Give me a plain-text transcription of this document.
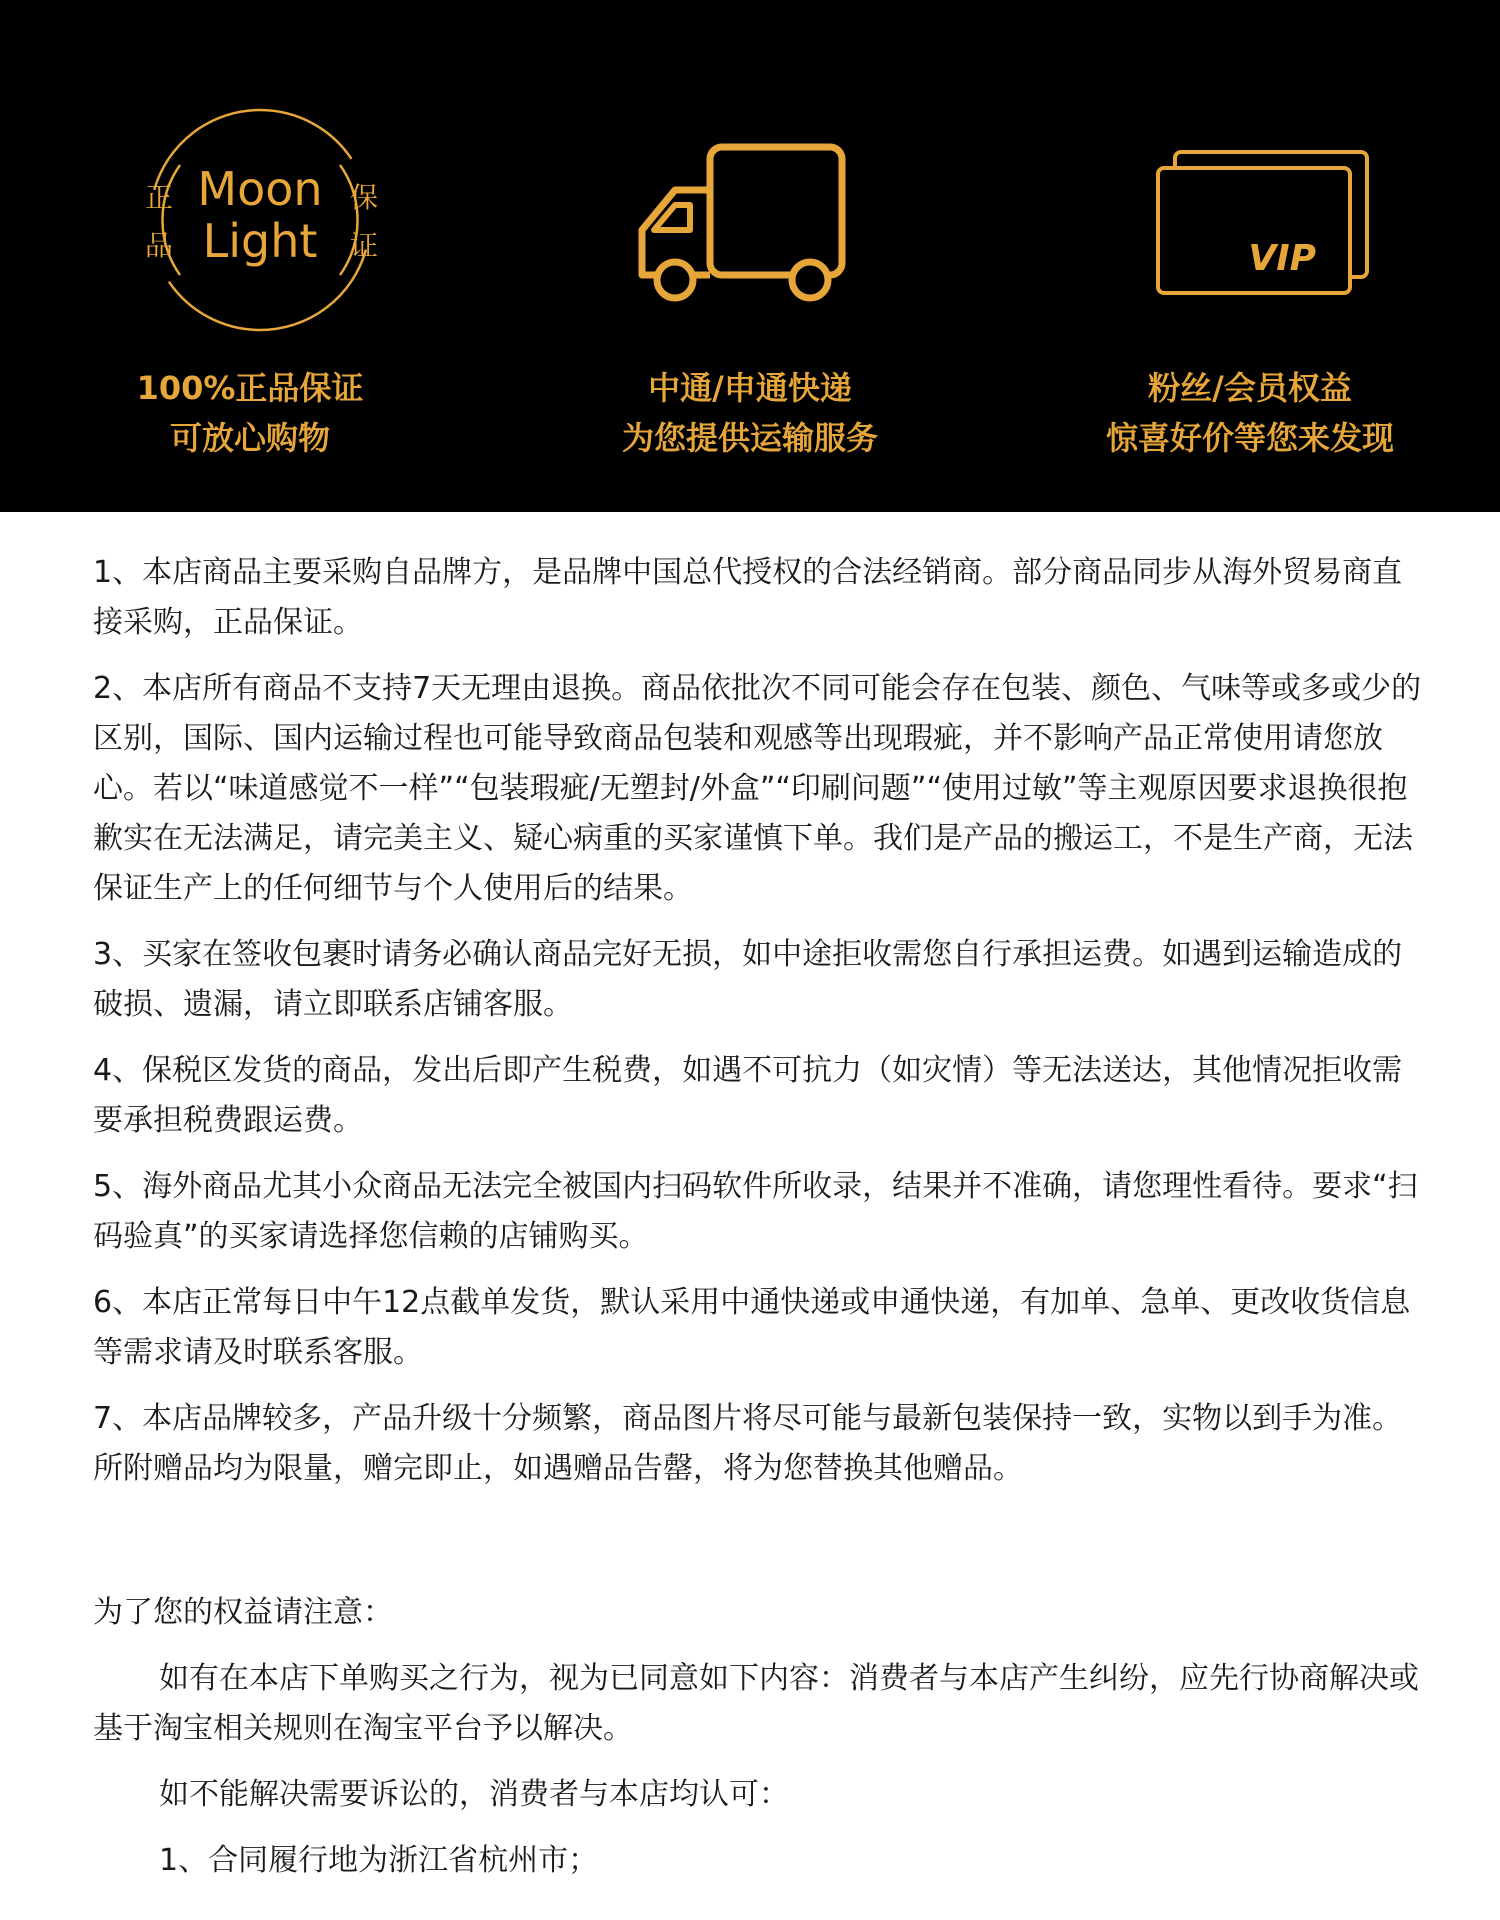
Moon
Light
正
品
保
证
100%正品保证
可放心购物
中通/申通快递
为您提供运输服务
VIP
粉丝/会员权益
惊喜好价等您来发现

1、本店商品主要采购自品牌方，是品牌中国总代授权的合法经销商。部分商品同步从海外贸易商直接采购，正品保证。

2、本店所有商品不支持7天无理由退换。商品依批次不同可能会存在包装、颜色、气味等或多或少的区别，国际、国内运输过程也可能导致商品包装和观感等出现瑕疵，并不影响产品正常使用请您放心。若以“味道感觉不一样”“包装瑕疵/无塑封/外盒”“印刷问题”“使用过敏”等主观原因要求退换很抱歉实在无法满足，请完美主义、疑心病重的买家谨慎下单。我们是产品的搬运工，不是生产商，无法保证生产上的任何细节与个人使用后的结果。

3、买家在签收包裹时请务必确认商品完好无损，如中途拒收需您自行承担运费。如遇到运输造成的破损、遗漏，请立即联系店铺客服。

4、保税区发货的商品，发出后即产生税费，如遇不可抗力（如灾情）等无法送达，其他情况拒收需要承担税费跟运费。

5、海外商品尤其小众商品无法完全被国内扫码软件所收录，结果并不准确，请您理性看待。要求“扫码验真”的买家请选择您信赖的店铺购买。

6、本店正常每日中午12点截单发货，默认采用中通快递或申通快递，有加单、急单、更改收货信息等需求请及时联系客服。

7、本店品牌较多，产品升级十分频繁，商品图片将尽可能与最新包装保持一致，实物以到手为准。所附赠品均为限量，赠完即止，如遇赠品告罄，将为您替换其他赠品。

为了您的权益请注意：

如有在本店下单购买之行为，视为已同意如下内容：消费者与本店产生纠纷，应先行协商解决或基于淘宝相关规则在淘宝平台予以解决。

如不能解决需要诉讼的，消费者与本店均认可：

1、合同履行地为浙江省杭州市；
